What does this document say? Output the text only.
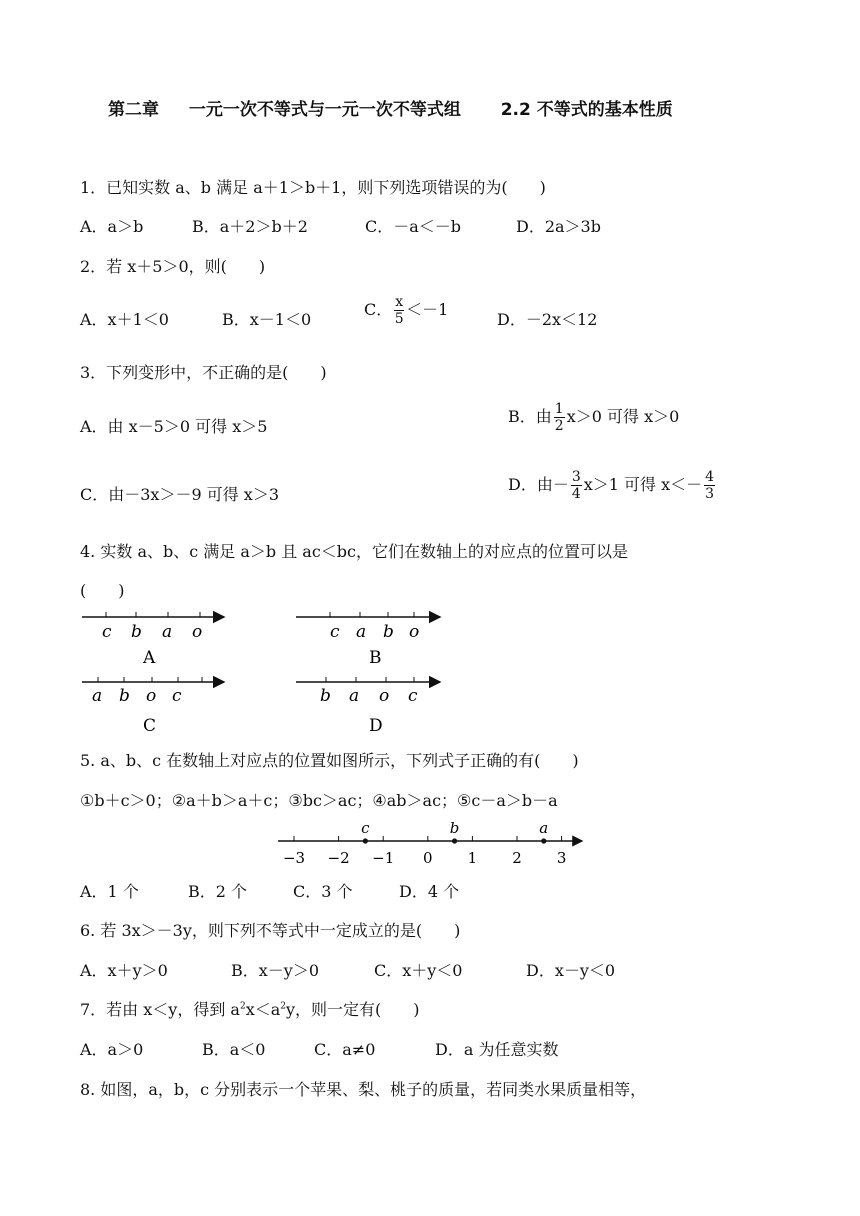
第二章 一元一次不等式与一元一次不等式组 2.2 不等式的基本性质
1．已知实数 a、b 满足 a＋1＞b＋1，则下列选项错误的为(　　)
A．a＞b	B．a＋2＞b＋2	C．－a＜－b	D．2a＞3b
2．若 x＋5＞0，则(　　)
A．x＋1＜0	B．x－1＜0
C． $\frac{x}{5} <-1$
D．－2x＜12
3．下列变形中，不正确的是(　　)
A．由 x－5＞0 可得 x＞5
B．由 $\frac{1}{2} x>0$ 可得 x＞0
C．由－3x＞－9 可得 x＞3
D．由－ $\frac{3}{4} x>1$ 可得 $x<- \frac{4}{3}$
4. 实数 a、b、c 满足 a＞b 且 ac＜bc，它们在数轴上的对应点的位置可以是
(　　)
c b a o
A
c a b o
B
a b o c
C
b a o c
D
5. a、b、c 在数轴上对应点的位置如图所示，下列式子正确的有(　　)
①b＋c＞0；②a＋b＞a＋c；③bc＞ac；④ab＞ac；⑤c－a＞b－a
−3 −2 −1 0 1 2 3
c	b	a
A．1 个	B．2 个	C．3 个	D．4 个
6. 若 3x＞－3y，则下列不等式中一定成立的是(　　)
A．x＋y＞0	B．x－y＞0	C．x＋y＜0	D．x－y＜0
7．若由 x＜y，得到 $a^2x<a^2y$，则一定有(　　)
A．a＞0	B．a＜0	C．a≠0	D．a 为任意实数
8. 如图，a，b，c 分别表示一个苹果、梨、桃子的质量，若同类水果质量相等，
